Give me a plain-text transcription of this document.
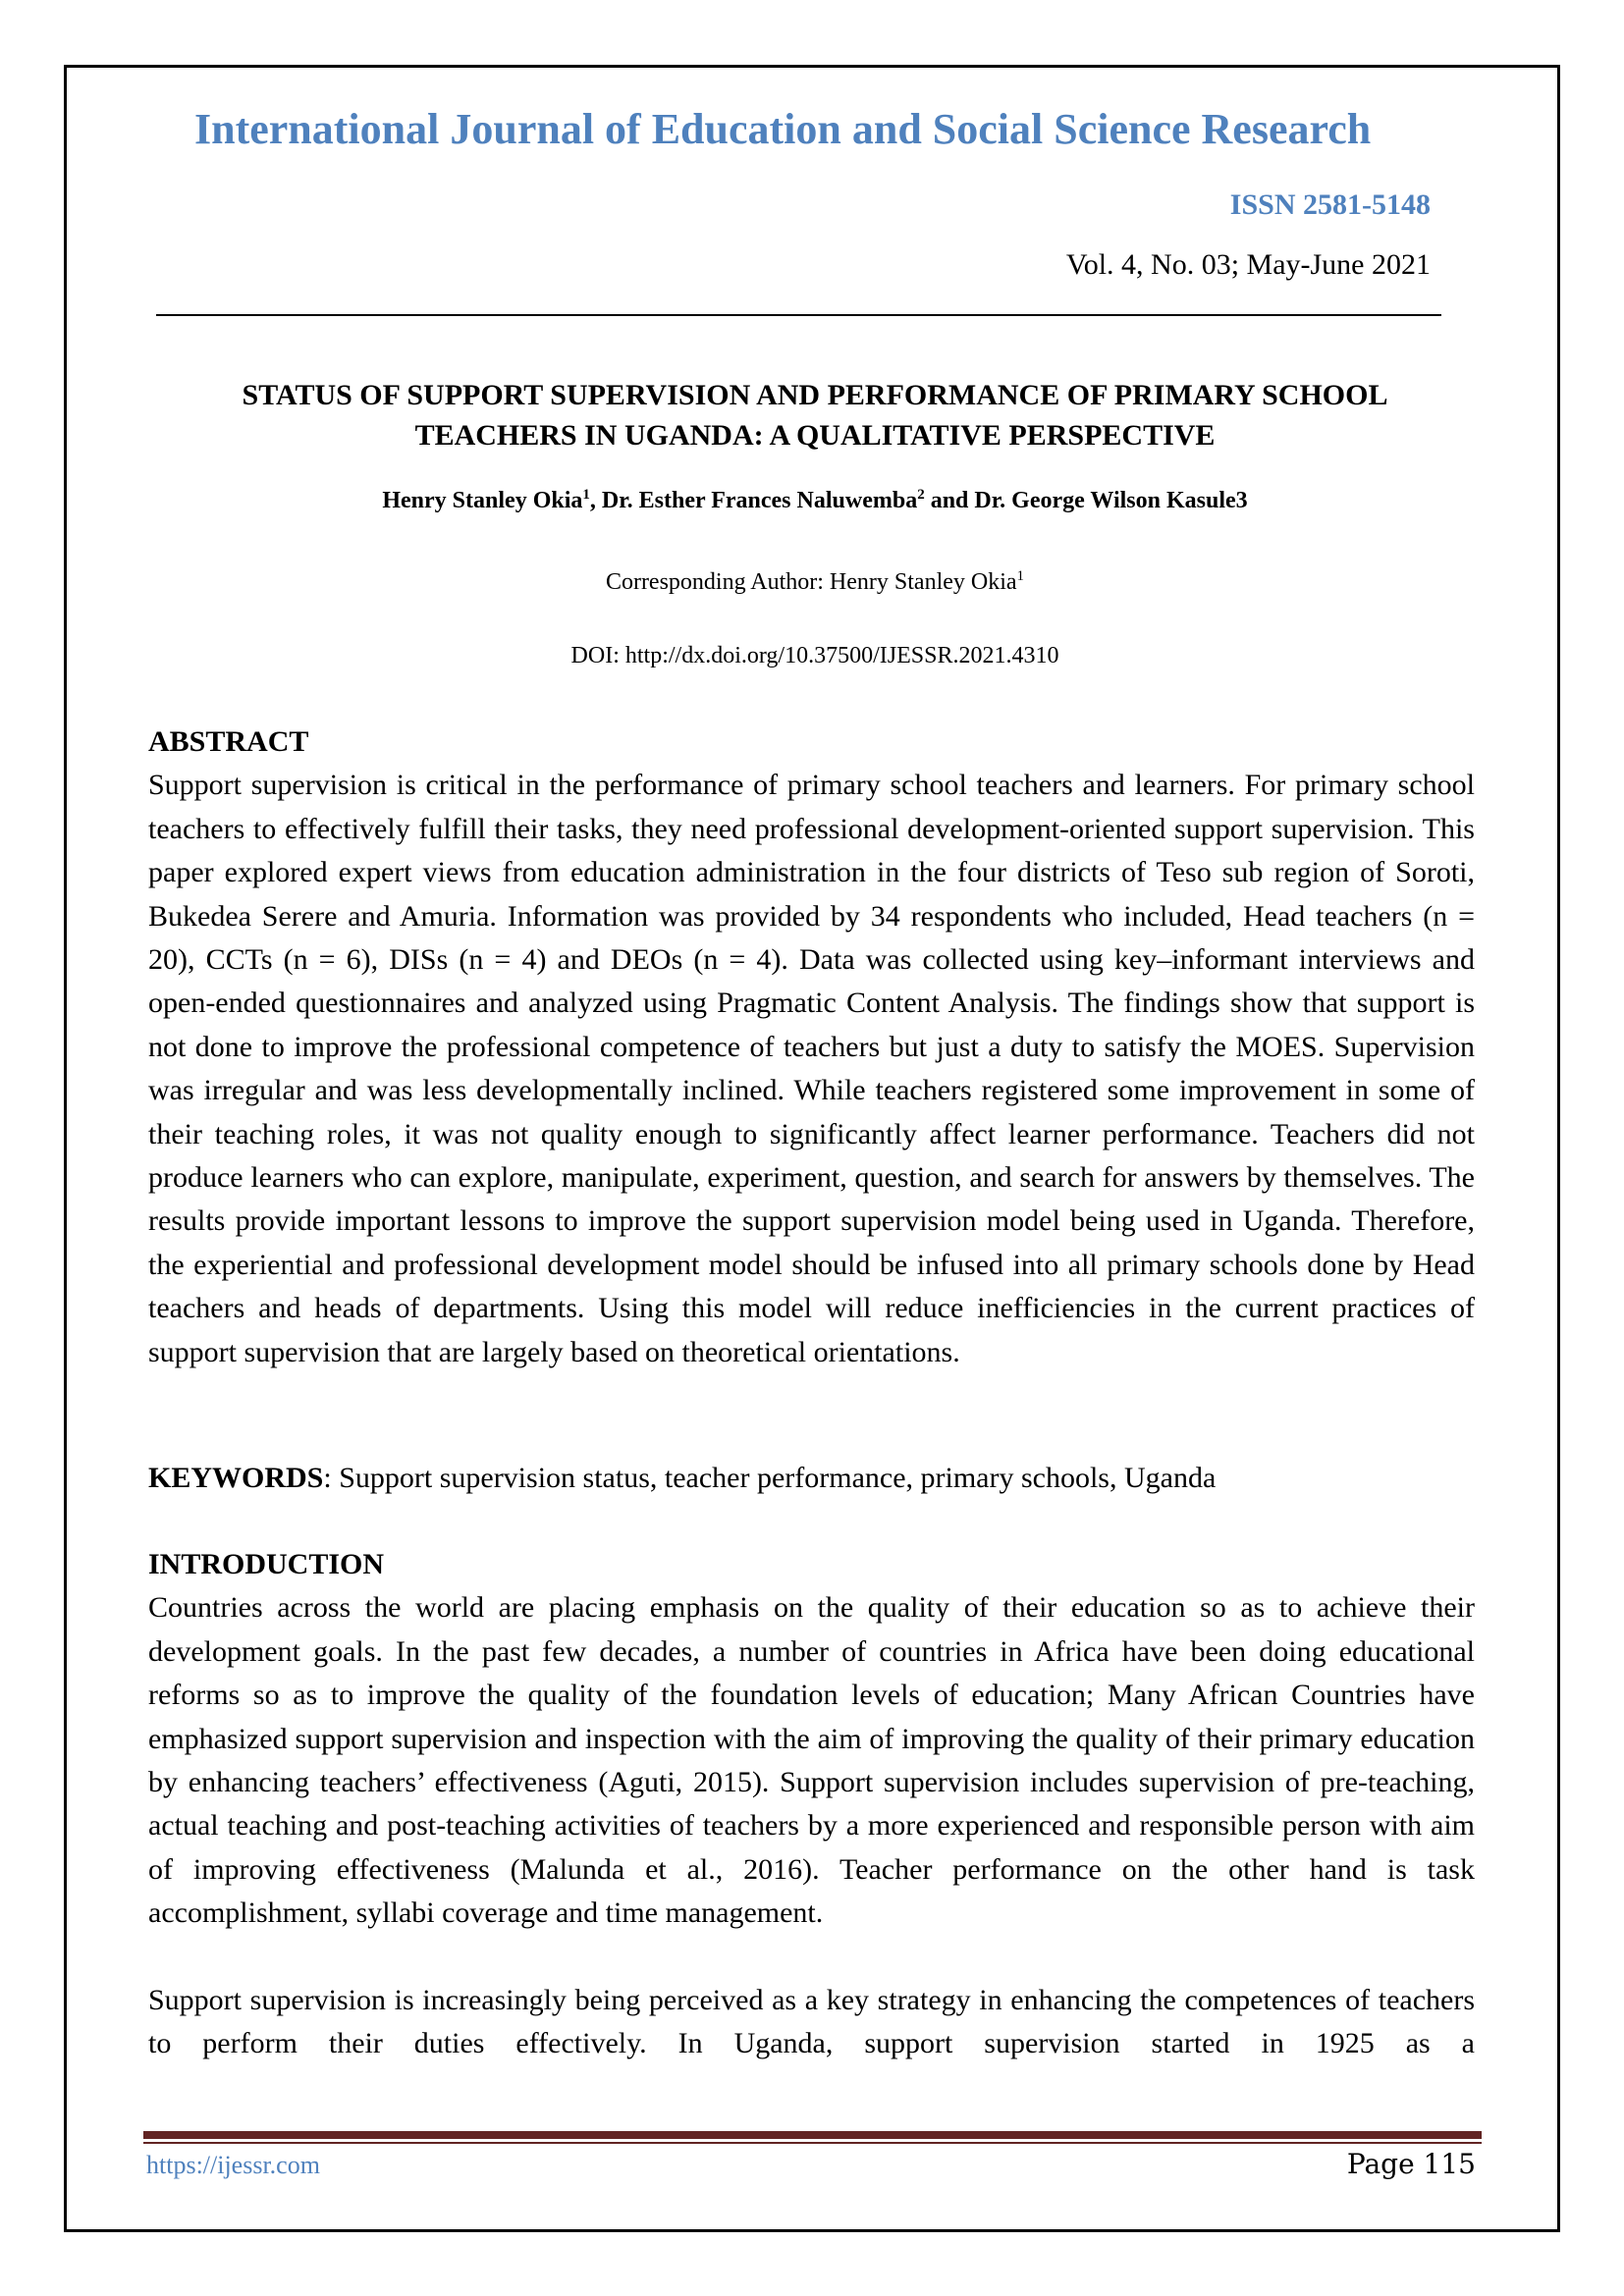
International Journal of Education and Social Science Research
ISSN 2581-5148
Vol. 4, No. 03; May-June 2021
STATUS OF SUPPORT SUPERVISION AND PERFORMANCE OF PRIMARY SCHOOL
TEACHERS IN UGANDA: A QUALITATIVE PERSPECTIVE
Henry Stanley Okia$^1$, Dr. Esther Frances Naluwemba$^2$ and Dr. George Wilson Kasule3
Corresponding Author: Henry Stanley Okia$^1$
DOI: http://dx.doi.org/10.37500/IJESSR.2021.4310
ABSTRACT

Support supervision is critical in the performance of primary school teachers and learners. For primary school teachers to effectively fulfill their tasks, they need professional development-oriented support supervision. This paper explored expert views from education administration in the four districts of Teso sub region of Soroti, Bukedea Serere and Amuria. Information was provided by 34 respondents who included, Head teachers (n = 20), CCTs (n = 6), DISs (n = 4) and DEOs (n = 4). Data was collected using key–informant interviews and open-ended questionnaires and analyzed using Pragmatic Content Analysis. The findings show that support is not done to improve the professional competence of teachers but just a duty to satisfy the MOES. Supervision was irregular and was less developmentally inclined. While teachers registered some improvement in some of their teaching roles, it was not quality enough to significantly affect learner performance. Teachers did not produce learners who can explore, manipulate, experiment, question, and search for answers by themselves. The results provide important lessons to improve the support supervision model being used in Uganda. Therefore, the experiential and professional development model should be infused into all primary schools done by Head teachers and heads of departments. Using this model will reduce inefficiencies in the current practices of support supervision that are largely based on theoretical orientations.

KEYWORDS: Support supervision status, teacher performance, primary schools, Uganda

INTRODUCTION

Countries across the world are placing emphasis on the quality of their education so as to achieve their development goals. In the past few decades, a number of countries in Africa have been doing educational reforms so as to improve the quality of the foundation levels of education; Many African Countries have emphasized support supervision and inspection with the aim of improving the quality of their primary education by enhancing teachers’ effectiveness (Aguti, 2015). Support supervision includes supervision of pre-teaching, actual teaching and post-teaching activities of teachers by a more experienced and responsible person with aim of improving effectiveness (Malunda et al., 2016). Teacher performance on the other hand is task accomplishment, syllabi coverage and time management.

Support supervision is increasingly being perceived as a key strategy in enhancing the competences of teachers to perform their duties effectively. In Uganda, support supervision started in 1925 as a

https://ijessr.com	Page 115
